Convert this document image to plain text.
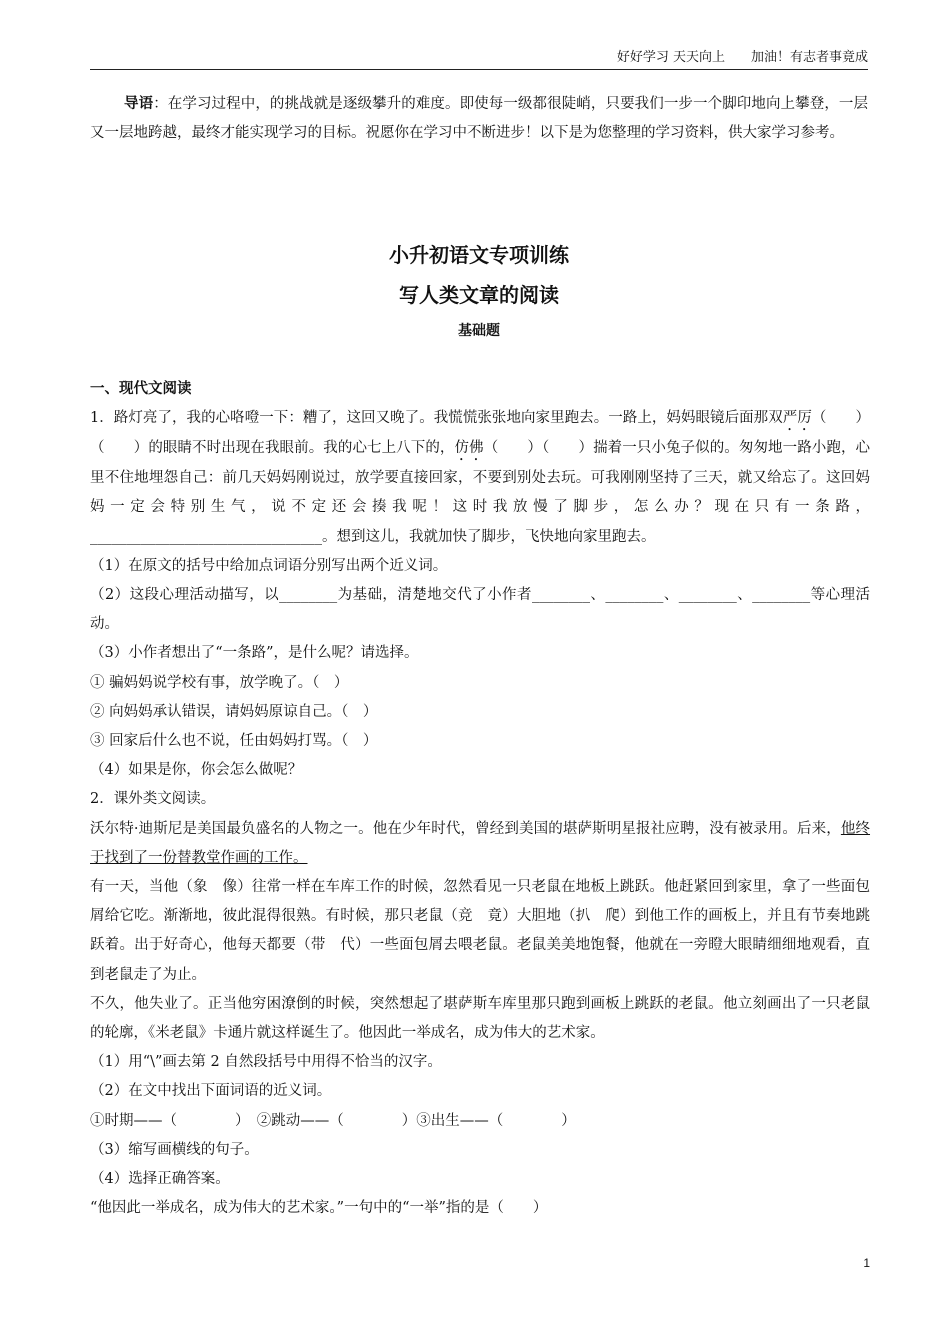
好好学习 天天向上　　加油！有志者事竟成
导语：在学习过程中，的挑战就是逐级攀升的难度。即使每一级都很陡峭，只要我们一步一个脚印地向上攀登，一层又一层地跨越，最终才能实现学习的目标。祝愿你在学习中不断进步！以下是为您整理的学习资料，供大家学习参考。
小升初语文专项训练
写人类文章的阅读
基础题

一、现代文阅读

1．路灯亮了，我的心咯噔一下：糟了，这回又晚了。我慌慌张张地向家里跑去。一路上，妈妈眼镜后面那双严厉（　　）（　　）的眼睛不时出现在我眼前。我的心七上八下的，仿佛（　　）（　　）揣着一只小兔子似的。匆匆地一路小跑，心里不住地埋怨自己：前几天妈妈刚说过，放学要直接回家，不要到别处去玩。可我刚刚坚持了三天，就又给忘了。这回妈妈一定会特别生气，说不定还会揍我呢！这时我放慢了脚步，怎么办？现在只有一条路，________________________________。想到这儿，我就加快了脚步，飞快地向家里跑去。

（1）在原文的括号中给加点词语分别写出两个近义词。

（2）这段心理活动描写，以________为基础，清楚地交代了小作者________、________、________、________等心理活动。

（3）小作者想出了“一条路”，是什么呢？请选择。

① 骗妈妈说学校有事，放学晚了。（　）

② 向妈妈承认错误，请妈妈原谅自己。（　）

③ 回家后什么也不说，任由妈妈打骂。（　）

（4）如果是你，你会怎么做呢？

2．课外类文阅读。

沃尔特·迪斯尼是美国最负盛名的人物之一。他在少年时代，曾经到美国的堪萨斯明星报社应聘，没有被录用。后来，他终于找到了一份替教堂作画的工作。

有一天，当他（象　像）往常一样在车库工作的时候，忽然看见一只老鼠在地板上跳跃。他赶紧回到家里，拿了一些面包屑给它吃。渐渐地，彼此混得很熟。有时候，那只老鼠（竞　竟）大胆地（扒　爬）到他工作的画板上，并且有节奏地跳跃着。出于好奇心，他每天都要（带　代）一些面包屑去喂老鼠。老鼠美美地饱餐，他就在一旁瞪大眼睛细细地观看，直到老鼠走了为止。

不久，他失业了。正当他穷困潦倒的时候，突然想起了堪萨斯车库里那只跑到画板上跳跃的老鼠。他立刻画出了一只老鼠的轮廓，《米老鼠》卡通片就这样诞生了。他因此一举成名，成为伟大的艺术家。

（1）用“\”画去第 2 自然段括号中用得不恰当的汉字。

（2）在文中找出下面词语的近义词。

①时期——（　　　　）　②跳动——（　　　　）③出生——（　　　　）

（3）缩写画横线的句子。

（4）选择正确答案。

“他因此一举成名，成为伟大的艺术家。”一句中的“一举”指的是（　　）

1
